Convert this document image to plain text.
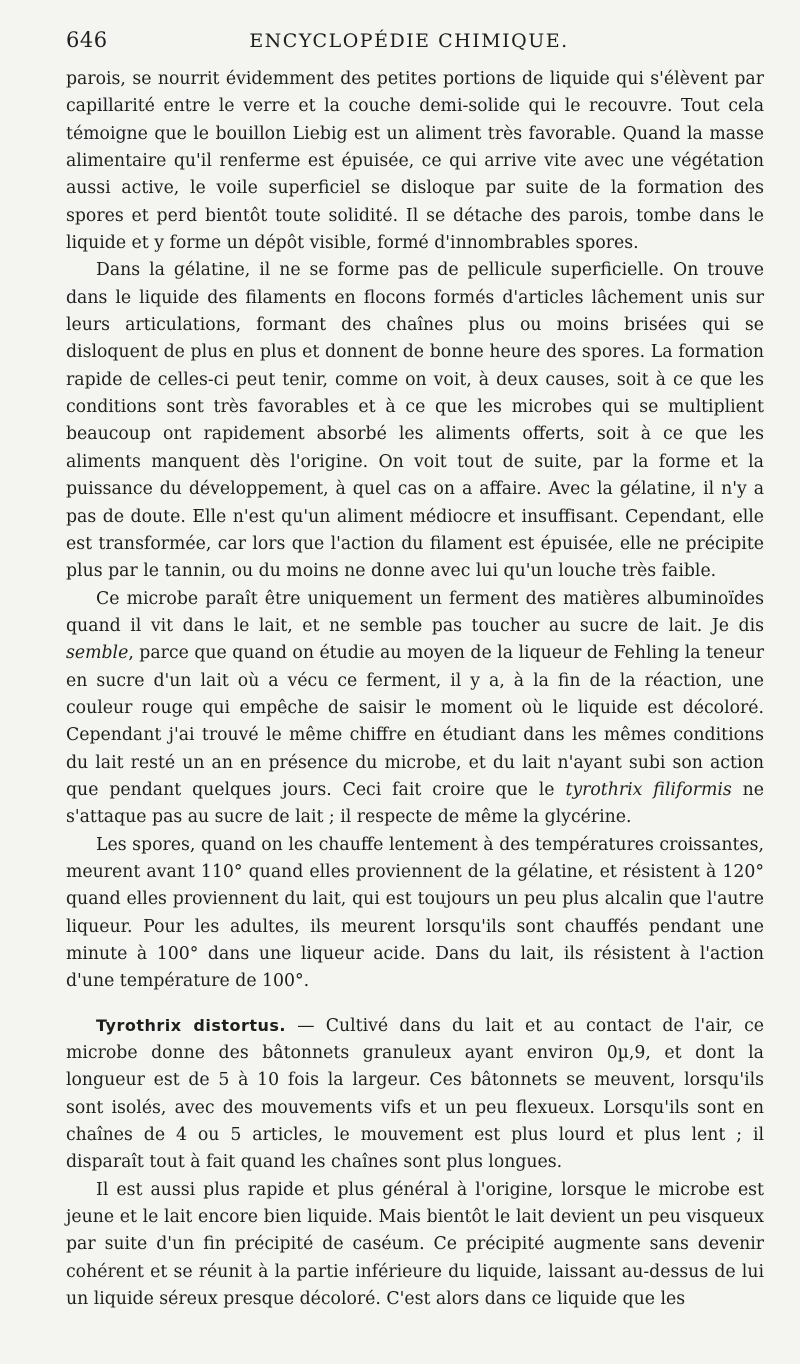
646	ENCYCLOPÉDIE CHIMIQUE.

parois, se nourrit évidemment des petites portions de liquide qui s'élèvent par capillarité entre le verre et la couche demi-solide qui le recouvre. Tout cela témoigne que le bouillon Liebig est un aliment très favorable. Quand la masse alimentaire qu'il renferme est épuisée, ce qui arrive vite avec une végétation aussi active, le voile superficiel se disloque par suite de la formation des spores et perd bientôt toute solidité. Il se détache des parois, tombe dans le liquide et y forme un dépôt visible, formé d'innombrables spores.

Dans la gélatine, il ne se forme pas de pellicule superficielle. On trouve dans le liquide des filaments en flocons formés d'articles lâchement unis sur leurs articulations, formant des chaînes plus ou moins brisées qui se disloquent de plus en plus et donnent de bonne heure des spores. La formation rapide de celles-ci peut tenir, comme on voit, à deux causes, soit à ce que les conditions sont très favorables et à ce que les microbes qui se multiplient beaucoup ont rapidement absorbé les aliments offerts, soit à ce que les aliments manquent dès l'origine. On voit tout de suite, par la forme et la puissance du développement, à quel cas on a affaire. Avec la gélatine, il n'y a pas de doute. Elle n'est qu'un aliment médiocre et insuffisant. Cependant, elle est transformée, car lors que l'action du filament est épuisée, elle ne précipite plus par le tannin, ou du moins ne donne avec lui qu'un louche très faible.

Ce microbe paraît être uniquement un ferment des matières albuminoïdes quand il vit dans le lait, et ne semble pas toucher au sucre de lait. Je dis semble, parce que quand on étudie au moyen de la liqueur de Fehling la teneur en sucre d'un lait où a vécu ce ferment, il y a, à la fin de la réaction, une couleur rouge qui empêche de saisir le moment où le liquide est décoloré. Cependant j'ai trouvé le même chiffre en étudiant dans les mêmes conditions du lait resté un an en présence du microbe, et du lait n'ayant subi son action que pendant quelques jours. Ceci fait croire que le tyrothrix filiformis ne s'attaque pas au sucre de lait ; il respecte de même la glycérine.

Les spores, quand on les chauffe lentement à des températures croissantes, meurent avant 110° quand elles proviennent de la gélatine, et résistent à 120° quand elles proviennent du lait, qui est toujours un peu plus alcalin que l'autre liqueur. Pour les adultes, ils meurent lorsqu'ils sont chauffés pendant une minute à 100° dans une liqueur acide. Dans du lait, ils résistent à l'action d'une température de 100°.

Tyrothrix distortus. — Cultivé dans du lait et au contact de l'air, ce microbe donne des bâtonnets granuleux ayant environ 0µ,9, et dont la longueur est de 5 à 10 fois la largeur. Ces bâtonnets se meuvent, lorsqu'ils sont isolés, avec des mouvements vifs et un peu flexueux. Lorsqu'ils sont en chaînes de 4 ou 5 articles, le mouvement est plus lourd et plus lent ; il disparaît tout à fait quand les chaînes sont plus longues.

Il est aussi plus rapide et plus général à l'origine, lorsque le microbe est jeune et le lait encore bien liquide. Mais bientôt le lait devient un peu visqueux par suite d'un fin précipité de caséum. Ce précipité augmente sans devenir cohérent et se réunit à la partie inférieure du liquide, laissant au-dessus de lui un liquide séreux presque décoloré. C'est alors dans ce liquide que les
